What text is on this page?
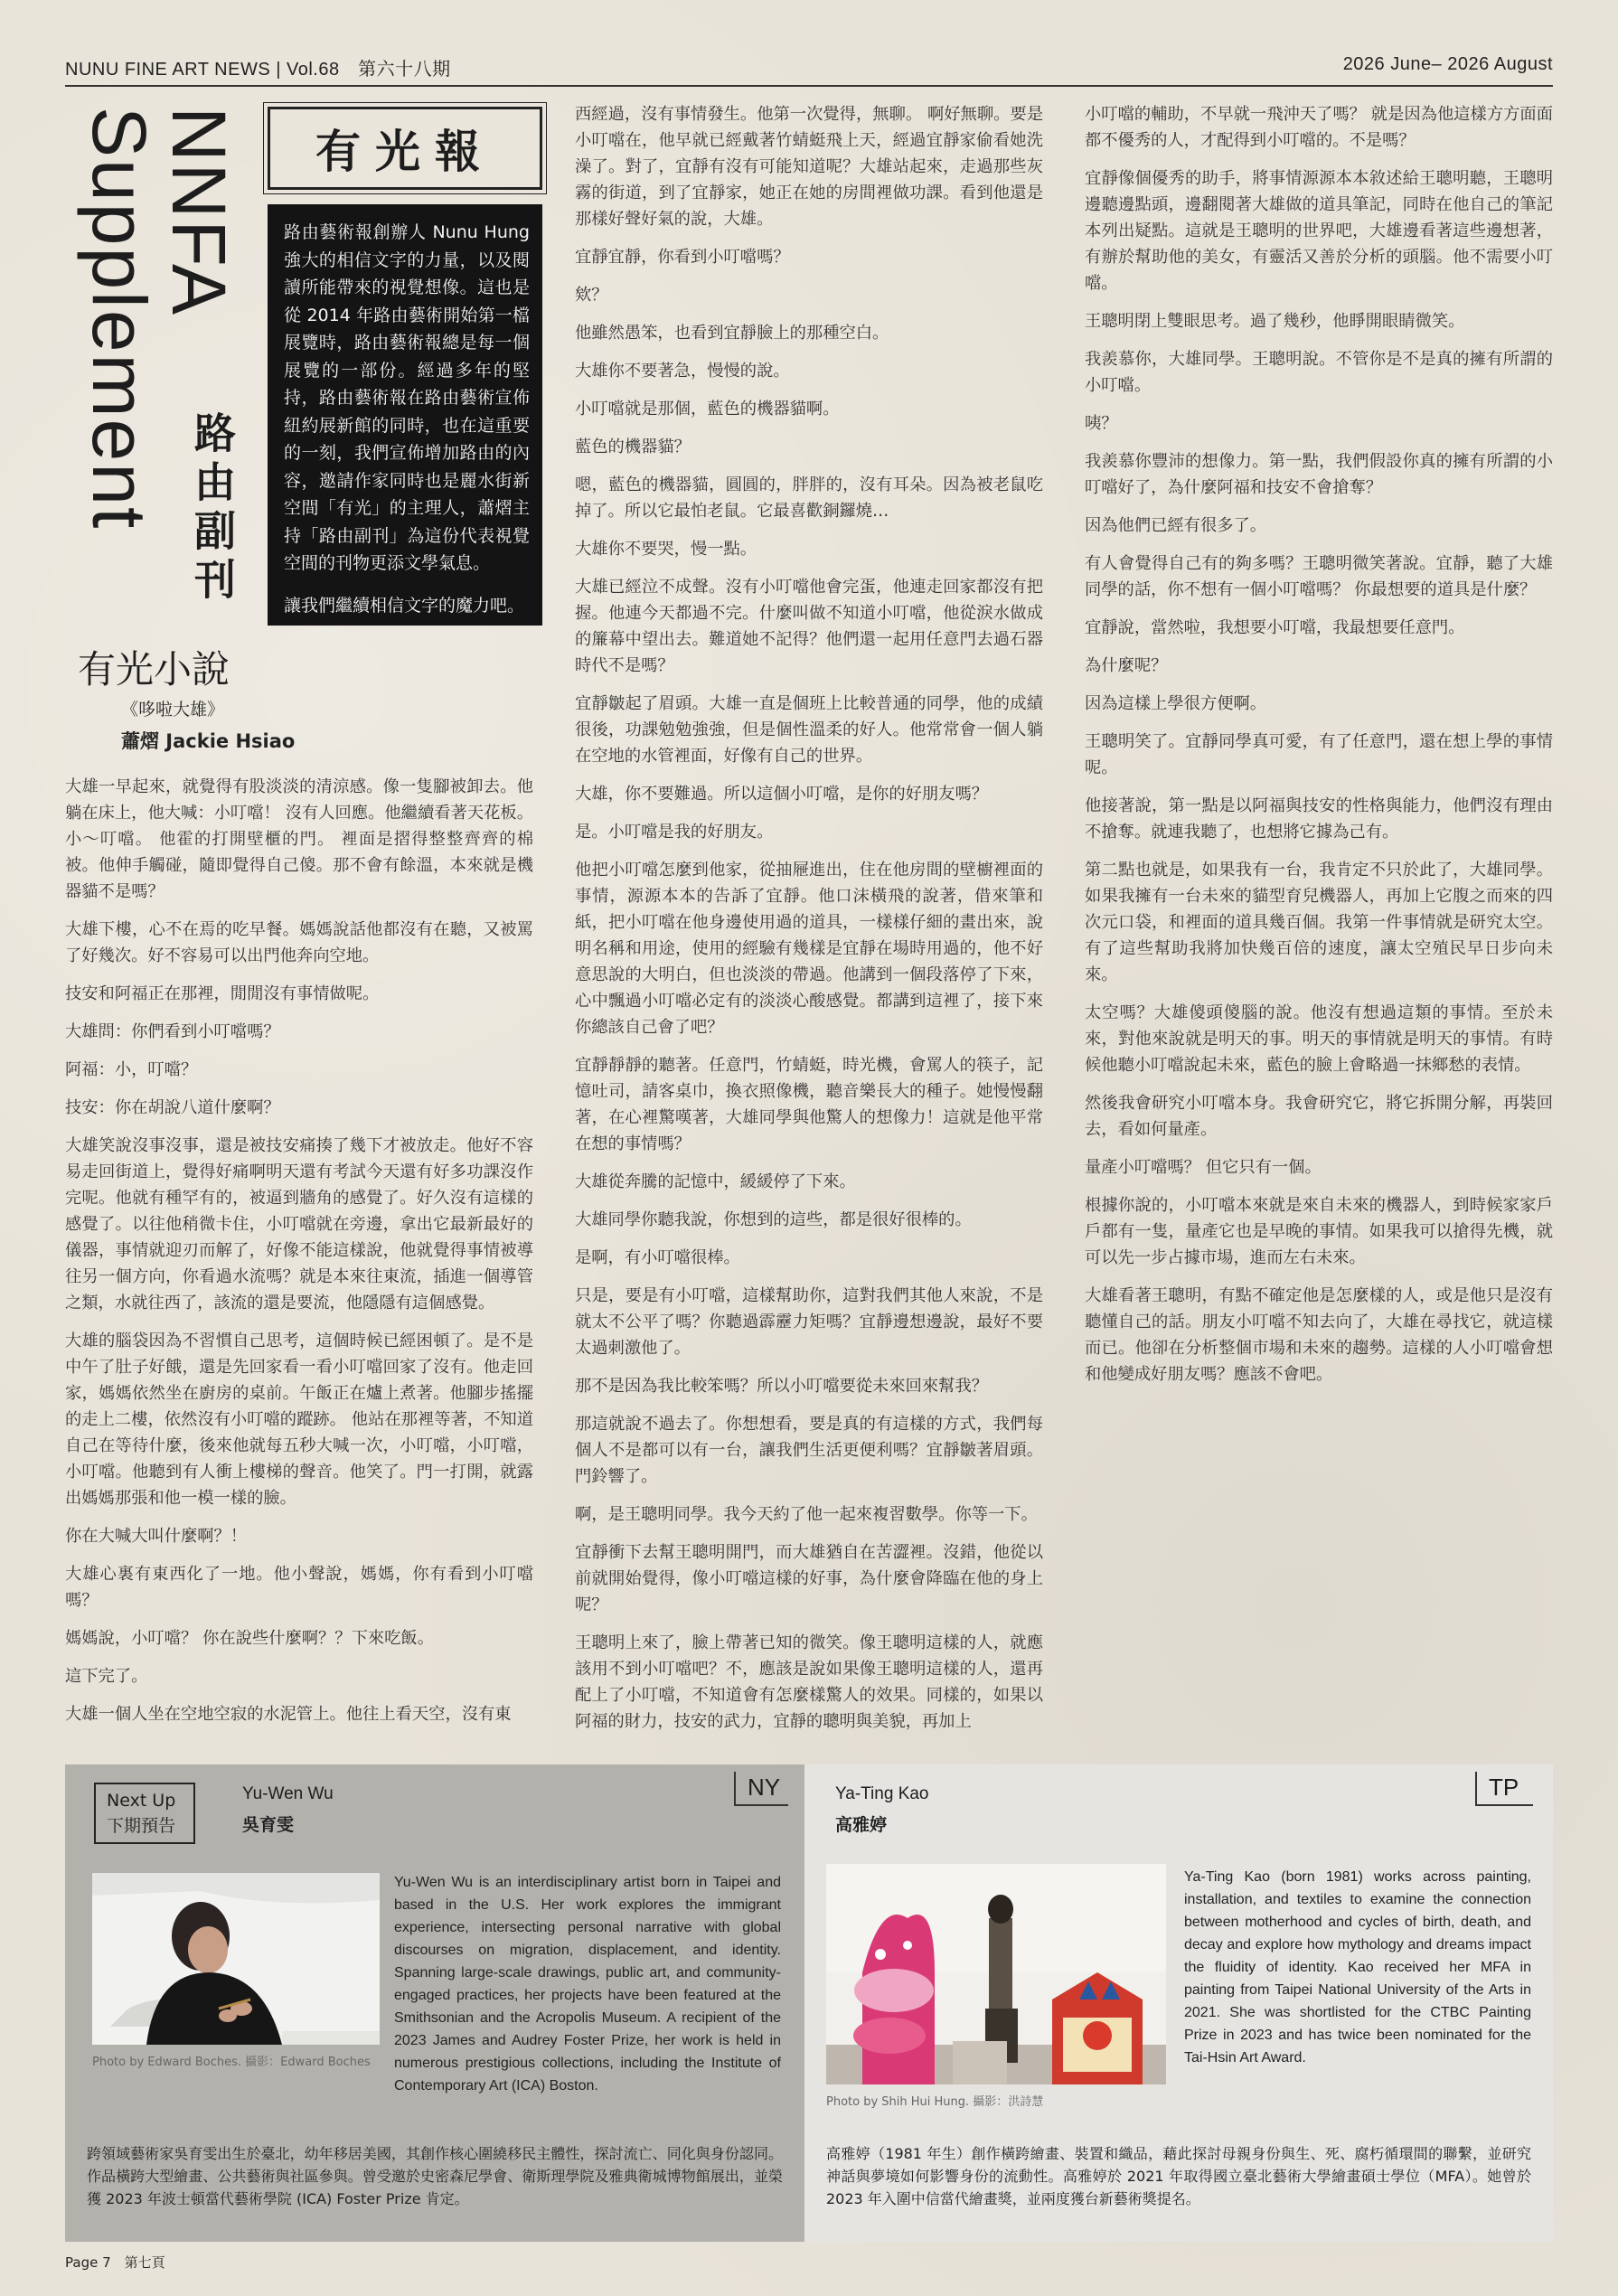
NUNU FINE ART NEWS | Vol.68　第六十八期	2026 June– 2026 August
NNFA
Supplement 路由副刊
有光報

路由藝術報創辦人 Nunu Hung 強大的相信文字的力量，以及閱讀所能帶來的視覺想像。這也是從 2014 年路由藝術開始第一檔展覽時，路由藝術報總是每一個展覽的一部份。經過多年的堅持，路由藝術報在路由藝術宣佈紐約展新館的同時，也在這重要的一刻，我們宣佈增加路由的內容，邀請作家同時也是麗水街新空間「有光」的主理人，蕭熠主持「路由副刊」為這份代表視覺空間的刊物更添文學氣息。

讓我們繼續相信文字的魔力吧。

有光小說
《哆啦大雄》
蕭熠 Jackie Hsiao

大雄一早起來，就覺得有股淡淡的清涼感。像一隻腳被卸去。他躺在床上，他大喊：小叮噹！ 沒有人回應。他繼續看著天花板。小～叮噹。 他霍的打開壁櫃的門。 裡面是摺得整整齊齊的棉被。他伸手觸碰，隨即覺得自己傻。那不會有餘溫，本來就是機器貓不是嗎？

大雄下樓，心不在焉的吃早餐。媽媽說話他都沒有在聽，又被罵了好幾次。好不容易可以出門他奔向空地。

技安和阿福正在那裡，閒閒沒有事情做呢。

大雄問：你們看到小叮噹嗎？

阿福：小，叮噹？

技安：你在胡說八道什麼啊？

大雄笑說沒事沒事，還是被技安痛揍了幾下才被放走。他好不容易走回街道上，覺得好痛啊明天還有考試今天還有好多功課沒作完呢。他就有種罕有的，被逼到牆角的感覺了。好久沒有這樣的感覺了。以往他稍微卡住，小叮噹就在旁邊，拿出它最新最好的儀器，事情就迎刃而解了，好像不能這樣說，他就覺得事情被導往另一個方向，你看過水流嗎？就是本來往東流，插進一個導管之類，水就往西了，該流的還是要流，他隱隱有這個感覺。

大雄的腦袋因為不習慣自己思考，這個時候已經困頓了。是不是中午了肚子好餓，還是先回家看一看小叮噹回家了沒有。他走回家，媽媽依然坐在廚房的桌前。午飯正在爐上煮著。他腳步搖擺的走上二樓，依然沒有小叮噹的蹤跡。 他站在那裡等著，不知道自己在等待什麼，後來他就每五秒大喊一次，小叮噹，小叮噹，小叮噹。他聽到有人衝上樓梯的聲音。他笑了。門一打開，就露出媽媽那張和他一模一樣的臉。

你在大喊大叫什麼啊？！

大雄心裏有東西化了一地。他小聲說，媽媽，你有看到小叮噹嗎？

媽媽說，小叮噹？ 你在說些什麼啊？？下來吃飯。

這下完了。

大雄一個人坐在空地空寂的水泥管上。他往上看天空，沒有東

西經過，沒有事情發生。他第一次覺得，無聊。 啊好無聊。要是小叮噹在，他早就已經戴著竹蜻蜓飛上天，經過宜靜家偷看她洗澡了。對了，宜靜有沒有可能知道呢？大雄站起來，走過那些灰霧的街道，到了宜靜家，她正在她的房間裡做功課。看到他還是那樣好聲好氣的說，大雄。

宜靜宜靜，你看到小叮噹嗎？

欸？

他雖然愚笨，也看到宜靜臉上的那種空白。

大雄你不要著急，慢慢的說。

小叮噹就是那個，藍色的機器貓啊。

藍色的機器貓？

嗯，藍色的機器貓，圓圓的，胖胖的，沒有耳朵。因為被老鼠吃掉了。所以它最怕老鼠。它最喜歡銅鑼燒…

大雄你不要哭，慢一點。

大雄已經泣不成聲。沒有小叮噹他會完蛋，他連走回家都沒有把握。他連今天都過不完。什麼叫做不知道小叮噹，他從淚水做成的簾幕中望出去。難道她不記得？他們還一起用任意門去過石器時代不是嗎？

宜靜皺起了眉頭。大雄一直是個班上比較普通的同學，他的成績很後，功課勉勉強強，但是個性溫柔的好人。他常常會一個人躺在空地的水管裡面，好像有自己的世界。

大雄，你不要難過。所以這個小叮噹，是你的好朋友嗎？

是。小叮噹是我的好朋友。

他把小叮噹怎麼到他家，從抽屜進出，住在他房間的壁櫥裡面的事情，源源本本的告訴了宜靜。他口沫橫飛的說著，借來筆和紙，把小叮噹在他身邊使用過的道具，一樣樣仔細的畫出來，說明名稱和用途，使用的經驗有幾樣是宜靜在場時用過的，他不好意思說的大明白，但也淡淡的帶過。他講到一個段落停了下來，心中飄過小叮噹必定有的淡淡心酸感覺。都講到這裡了，接下來你總該自己會了吧？

宜靜靜靜的聽著。任意門，竹蜻蜓，時光機，會罵人的筷子，記憶吐司，請客桌巾，換衣照像機，聽音樂長大的種子。她慢慢翻著，在心裡驚嘆著，大雄同學與他驚人的想像力！這就是他平常在想的事情嗎？

大雄從奔騰的記憶中，緩緩停了下來。

大雄同學你聽我說，你想到的這些，都是很好很棒的。

是啊，有小叮噹很棒。

只是，要是有小叮噹，這樣幫助你，這對我們其他人來說，不是就太不公平了嗎？你聽過霹靂力矩嗎？宜靜邊想邊說，最好不要太過刺激他了。

那不是因為我比較笨嗎？所以小叮噹要從未來回來幫我？

那這就說不過去了。你想想看，要是真的有這樣的方式，我們每個人不是都可以有一台，讓我們生活更便利嗎？宜靜皺著眉頭。門鈴響了。

啊，是王聰明同學。我今天約了他一起來複習數學。你等一下。

宜靜衝下去幫王聰明開門，而大雄猶自在苦澀裡。沒錯，他從以前就開始覺得，像小叮噹這樣的好事，為什麼會降臨在他的身上呢？

王聰明上來了，臉上帶著已知的微笑。像王聰明這樣的人，就應該用不到小叮噹吧？不，應該是說如果像王聰明這樣的人，還再配上了小叮噹，不知道會有怎麼樣驚人的效果。同樣的，如果以阿福的財力，技安的武力，宜靜的聰明與美貌，再加上

小叮噹的輔助，不早就一飛沖天了嗎？ 就是因為他這樣方方面面都不優秀的人，才配得到小叮噹的。不是嗎？

宜靜像個優秀的助手，將事情源源本本敘述給王聰明聽，王聰明邊聽邊點頭，邊翻閱著大雄做的道具筆記，同時在他自己的筆記本列出疑點。這就是王聰明的世界吧，大雄邊看著這些邊想著，有辦於幫助他的美女，有靈活又善於分析的頭腦。他不需要小叮噹。

王聰明閉上雙眼思考。過了幾秒，他睜開眼睛微笑。

我羨慕你，大雄同學。王聰明說。不管你是不是真的擁有所謂的小叮噹。

咦？

我羨慕你豐沛的想像力。第一點，我們假設你真的擁有所謂的小叮噹好了，為什麼阿福和技安不會搶奪？

因為他們已經有很多了。

有人會覺得自己有的夠多嗎？王聰明微笑著說。宜靜，聽了大雄同學的話，你不想有一個小叮噹嗎？ 你最想要的道具是什麼？

宜靜說，當然啦，我想要小叮噹，我最想要任意門。

為什麼呢？

因為這樣上學很方便啊。

王聰明笑了。宜靜同學真可愛，有了任意門，還在想上學的事情呢。

他接著說，第一點是以阿福與技安的性格與能力，他們沒有理由不搶奪。就連我聽了，也想將它據為己有。

第二點也就是，如果我有一台，我肯定不只於此了，大雄同學。如果我擁有一台未來的貓型育兒機器人，再加上它腹之而來的四次元口袋，和裡面的道具幾百個。我第一件事情就是研究太空。有了這些幫助我將加快幾百倍的速度，讓太空殖民早日步向未來。

太空嗎？大雄傻頭傻腦的說。他沒有想過這類的事情。至於未來，對他來說就是明天的事。明天的事情就是明天的事情。有時候他聽小叮噹說起未來，藍色的臉上會略過一抹鄉愁的表情。

然後我會研究小叮噹本身。我會研究它，將它拆開分解，再裝回去，看如何量產。

量產小叮噹嗎？ 但它只有一個。

根據你說的，小叮噹本來就是來自未來的機器人，到時候家家戶戶都有一隻，量產它也是早晚的事情。如果我可以搶得先機，就可以先一步占據市場，進而左右未來。

大雄看著王聰明，有點不確定他是怎麼樣的人，或是他只是沒有聽懂自己的話。朋友小叮噹不知去向了，大雄在尋找它，就這樣而已。他卻在分析整個市場和未來的趨勢。這樣的人小叮噹會想和他變成好朋友嗎？應該不會吧。

Next Up
下期預告
Yu-Wen Wu
吳育雯
NY
Photo by Edward Boches. 攝影：Edward Boches
Yu-Wen Wu is an interdisciplinary artist born in Taipei and based in the U.S. Her work explores the immigrant experience, intersecting personal narrative with global discourses on migration, displacement, and identity. Spanning large-scale drawings, public art, and community-engaged practices, her projects have been featured at the Smithsonian and the Acropolis Museum. A recipient of the 2023 James and Audrey Foster Prize, her work is held in numerous prestigious collections, including the Institute of Contemporary Art (ICA) Boston.
跨領域藝術家吳育雯出生於臺北，幼年移居美國，其創作核心圍繞移民主體性，探討流亡、同化與身份認同。作品橫跨大型繪畫、公共藝術與社區參與。曾受邀於史密森尼學會、衛斯理學院及雅典衛城博物館展出，並榮獲 2023 年波士頓當代藝術學院 (ICA) Foster Prize 肯定。
Ya-Ting Kao
高雅婷
TP
Photo by Shih Hui Hung. 攝影：洪詩慧
Ya-Ting Kao (born 1981) works across painting, installation, and textiles to examine the connection between motherhood and cycles of birth, death, and decay and explore how mythology and dreams impact the fluidity of identity. Kao received her MFA in painting from Taipei National University of the Arts in 2021. She was shortlisted for the CTBC Painting Prize in 2023 and has twice been nominated for the Tai-Hsin Art Award.
高雅婷（1981 年生）創作橫跨繪畫、裝置和織品，藉此探討母親身份與生、死、腐朽循環間的聯繫，並研究神話與夢境如何影響身份的流動性。高雅婷於 2021 年取得國立臺北藝術大學繪畫碩士學位（MFA）。她曾於 2023 年入圍中信當代繪畫獎，並兩度獲台新藝術獎提名。
Page 7　第七頁
